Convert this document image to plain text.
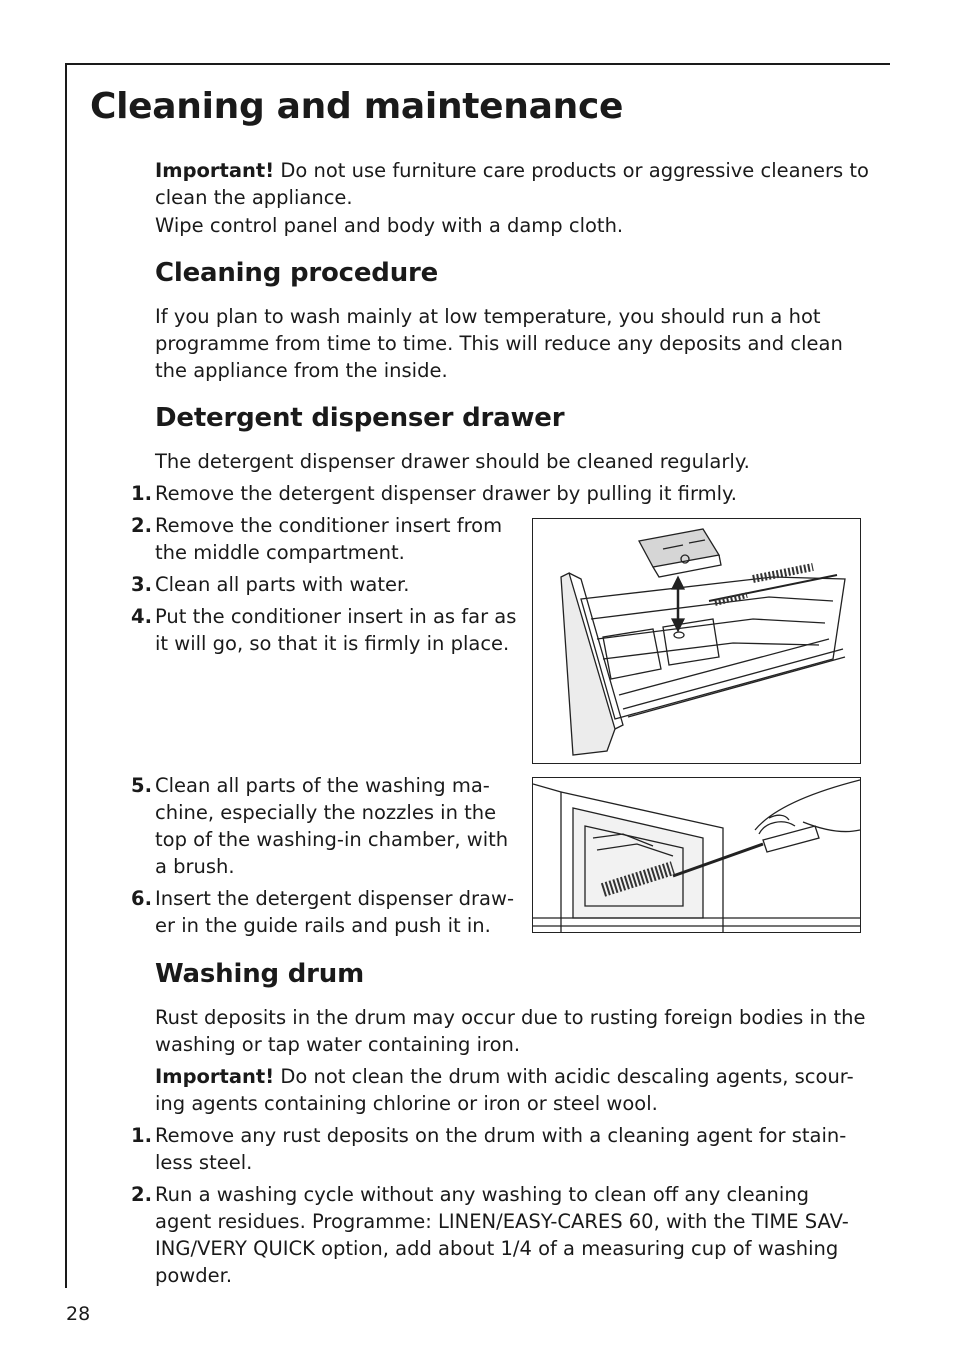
Cleaning and maintenance

Important! Do not use furniture care products or aggressive cleaners to clean the appliance.

Wipe control panel and body with a damp cloth.

Cleaning procedure

If you plan to wash mainly at low temperature, you should run a hot programme from time to time. This will reduce any deposits and clean the appliance from the inside.

Detergent dispenser drawer

The detergent dispenser drawer should be cleaned regularly.

1. Remove the detergent dispenser drawer by pulling it firmly.

2. Remove the conditioner insert from the middle compartment.

3. Clean all parts with water.

4. Put the conditioner insert in as far as it will go, so that it is firmly in place.

5. Clean all parts of the washing ma- chine, especially the nozzles in the top of the washing-in chamber, with a brush.

6. Insert the detergent dispenser draw- er in the guide rails and push it in.

Washing drum

Rust deposits in the drum may occur due to rusting foreign bodies in the washing or tap water containing iron.

Important! Do not clean the drum with acidic descaling agents, scour- ing agents containing chlorine or iron or steel wool.

1. Remove any rust deposits on the drum with a cleaning agent for stain- less steel.

2. Run a washing cycle without any washing to clean off any cleaning agent residues. Programme: LINEN/EASY-CARES 60, with the TIME SAV- ING/VERY QUICK option, add about 1/4 of a measuring cup of washing powder.

28
